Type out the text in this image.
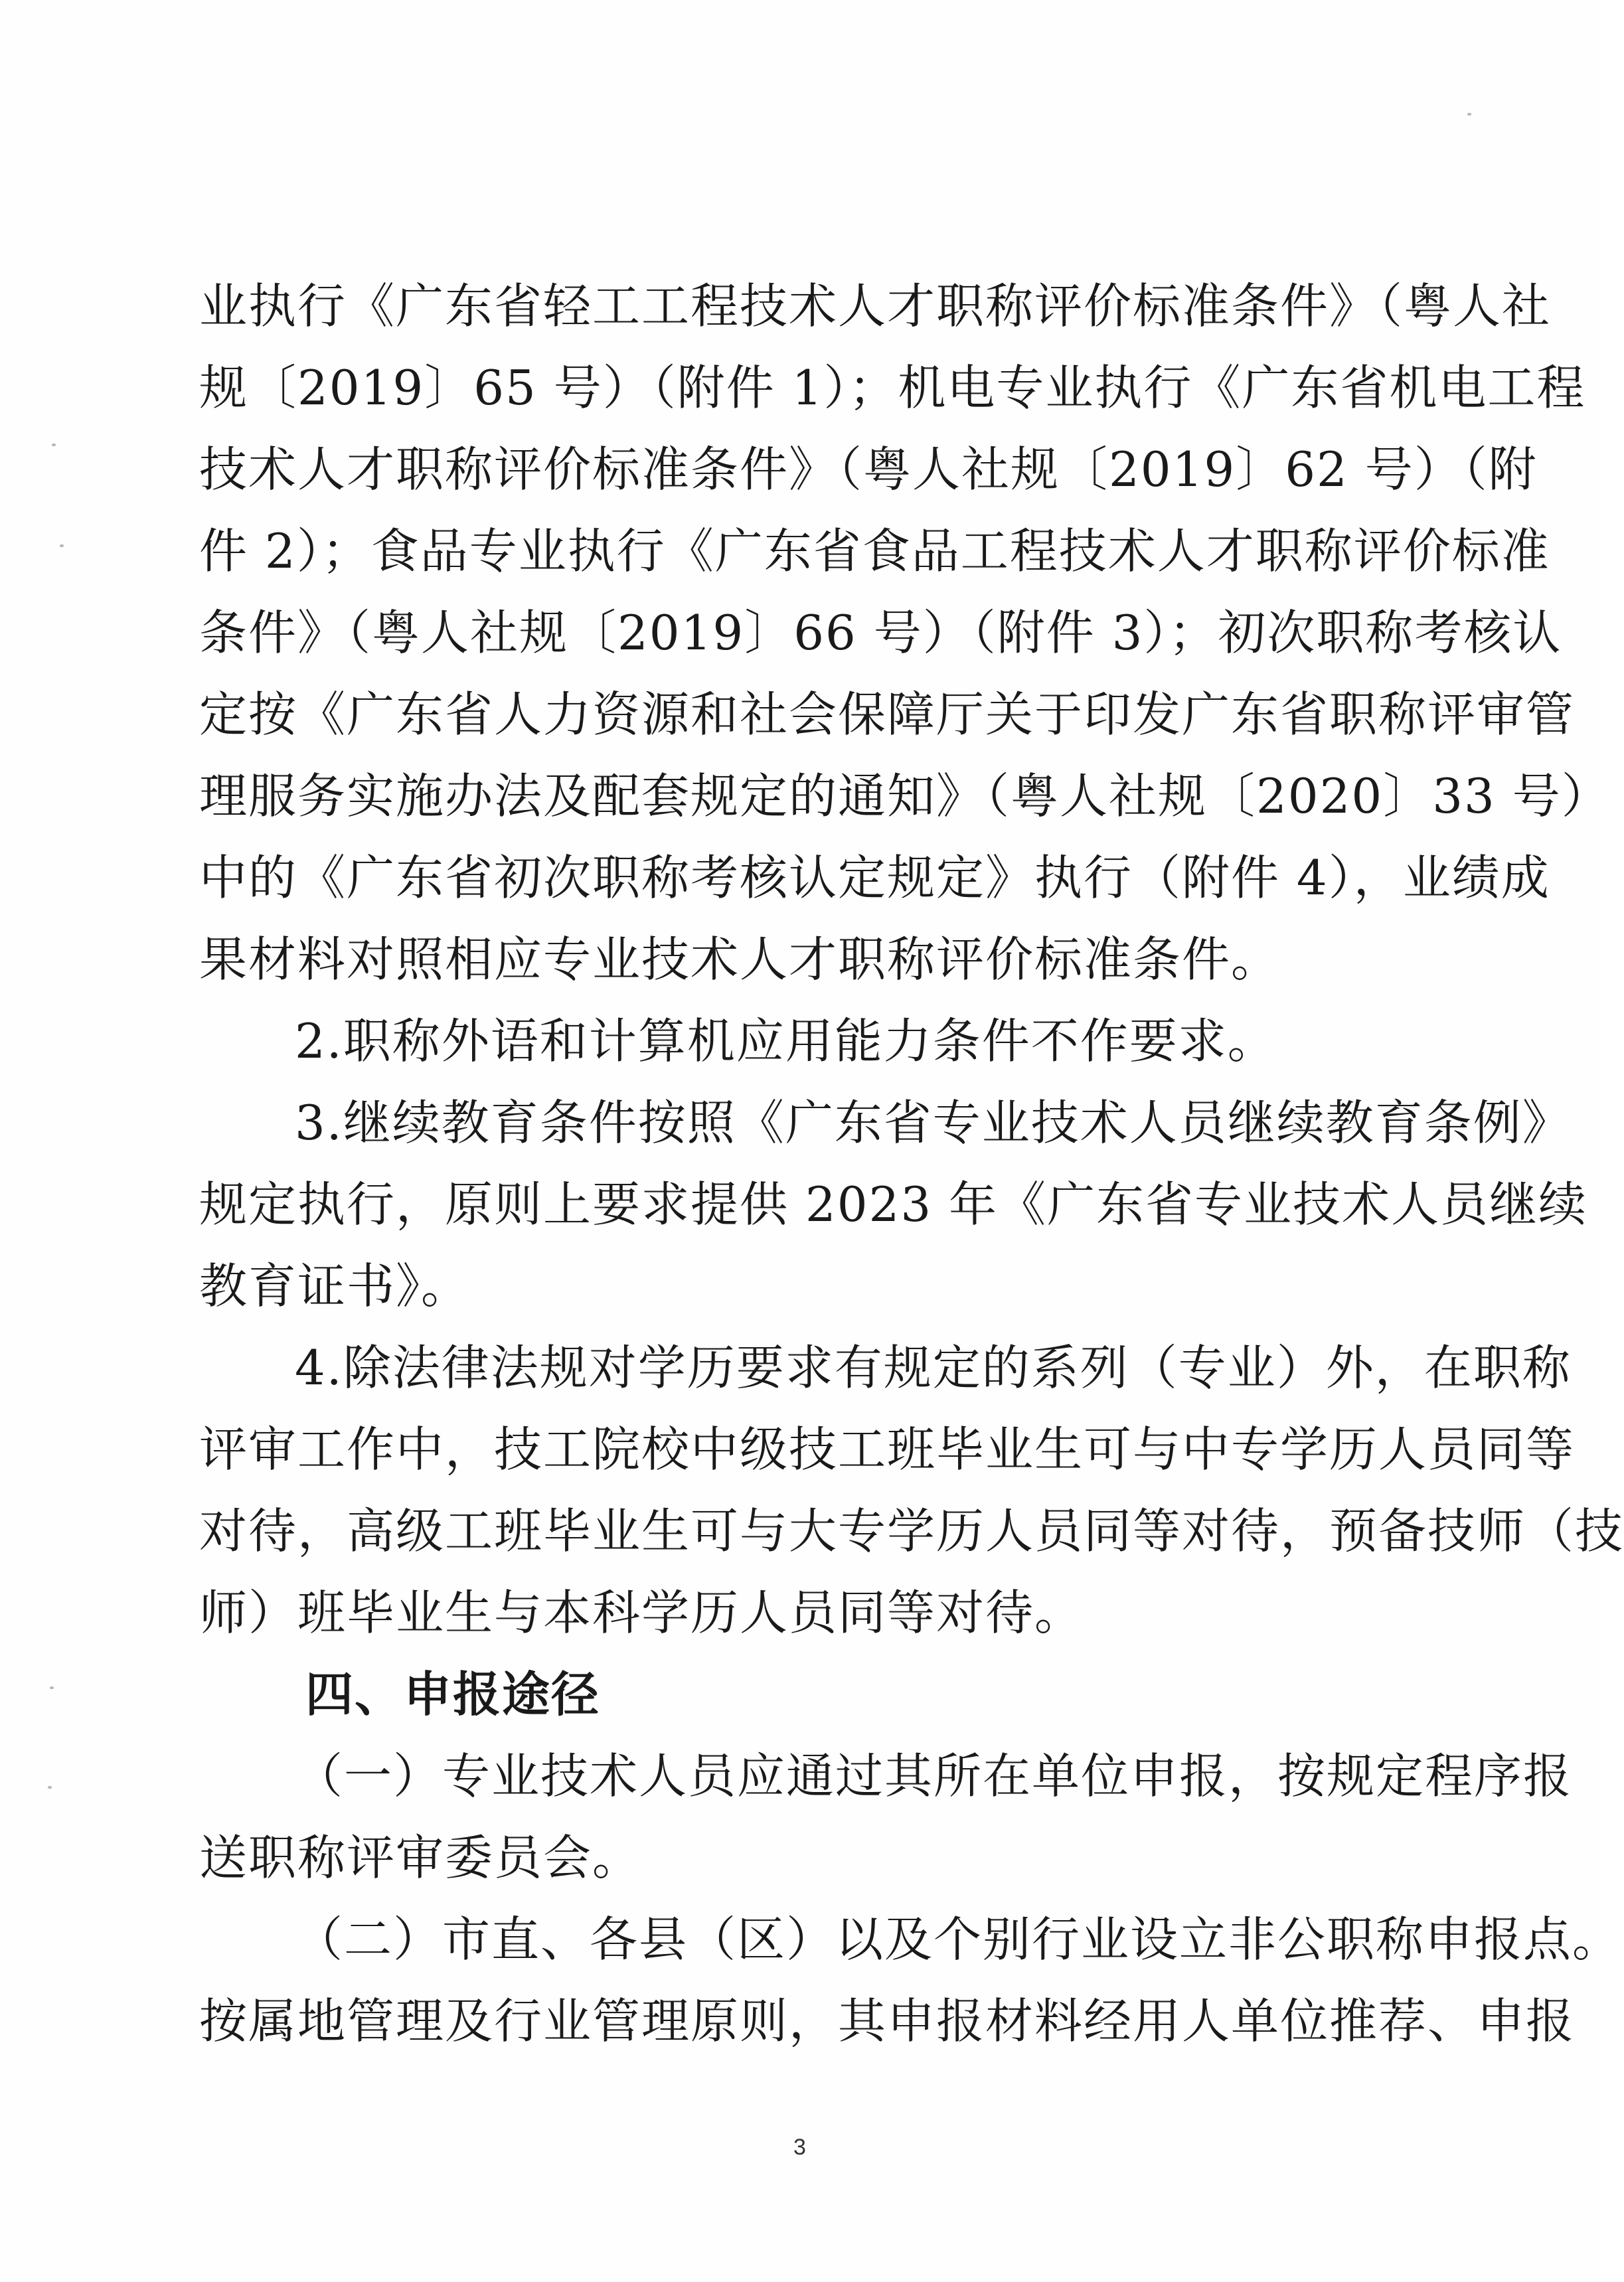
业执行《广东省轻工工程技术人才职称评价标准条件》（粤人社
规〔2019〕65 号）（附件 1）；机电专业执行《广东省机电工程
技术人才职称评价标准条件》（粤人社规〔2019〕62 号）（附
件 2）；食品专业执行《广东省食品工程技术人才职称评价标准
条件》（粤人社规〔2019〕66 号）（附件 3）；初次职称考核认
定按《广东省人力资源和社会保障厅关于印发广东省职称评审管
理服务实施办法及配套规定的通知》（粤人社规〔2020〕33 号）
中的《广东省初次职称考核认定规定》执行（附件 4），业绩成
果材料对照相应专业技术人才职称评价标准条件。
2.职称外语和计算机应用能力条件不作要求。
3.继续教育条件按照《广东省专业技术人员继续教育条例》
规定执行，原则上要求提供 2023 年《广东省专业技术人员继续
教育证书》。
4.除法律法规对学历要求有规定的系列（专业）外，在职称
评审工作中，技工院校中级技工班毕业生可与中专学历人员同等
对待，高级工班毕业生可与大专学历人员同等对待，预备技师（技
师）班毕业生与本科学历人员同等对待。
四、申报途径
（一）专业技术人员应通过其所在单位申报，按规定程序报
送职称评审委员会。
（二）市直、各县（区）以及个别行业设立非公职称申报点。
按属地管理及行业管理原则，其申报材料经用人单位推荐、申报
3
